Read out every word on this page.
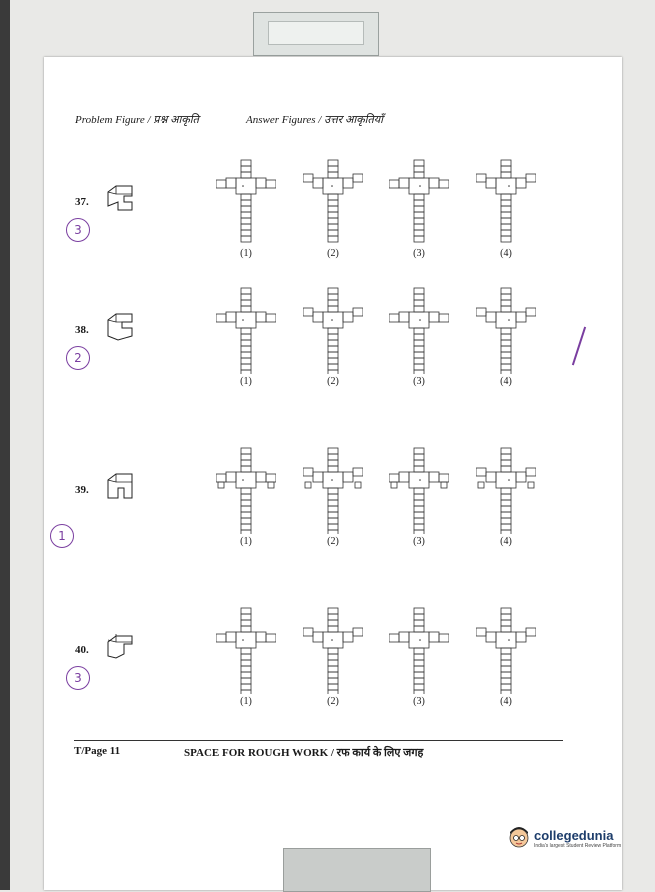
Problem Figure / प्रश्न आकृति	Answer Figures / उत्तर आकृतियाँ
37.
3
(1)	(2)	(3)	(4)
38.
2
(1)	(2)	(3)	(4)
39.
1	(1)	(2)	(3)	(4)
40.
3
(1)	(2)	(3)	(4)
T/Page 11	SPACE FOR ROUGH WORK / रफ कार्य के लिए जगह
collegedunia
India's largest Student Review Platform
